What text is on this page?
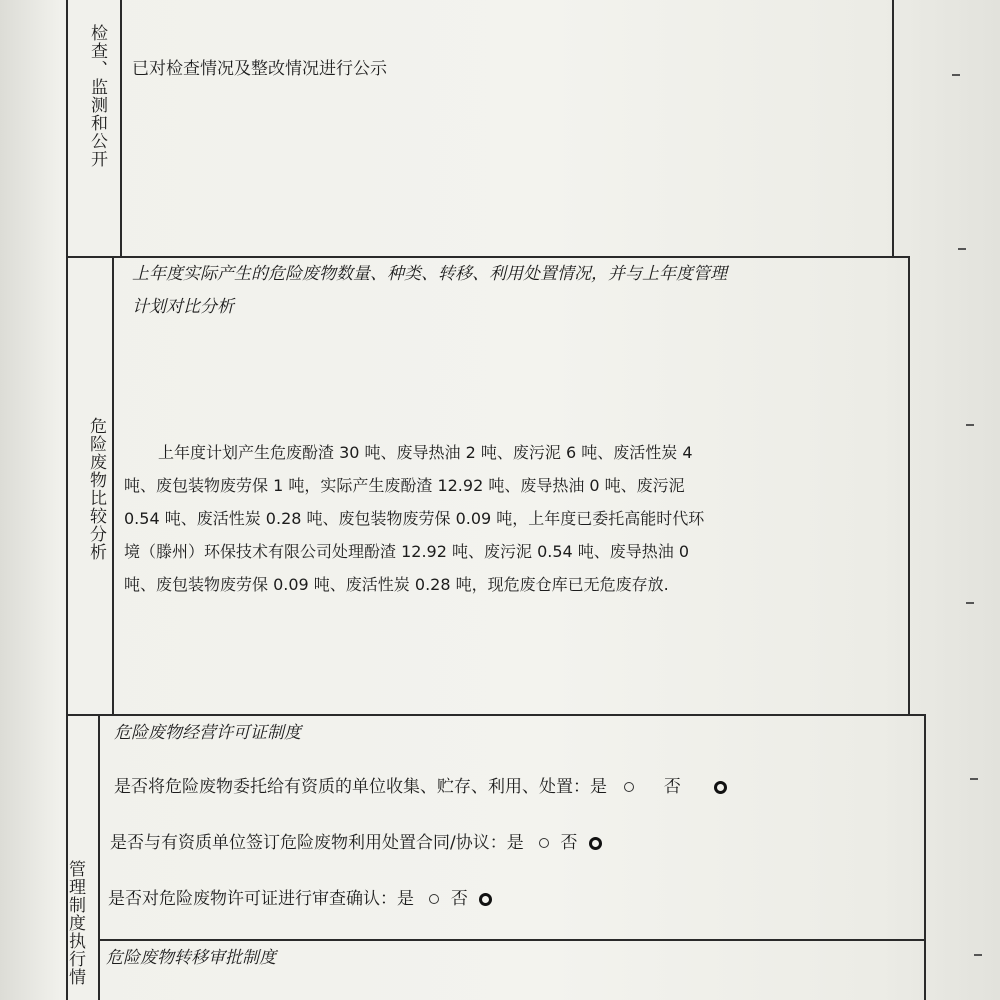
检查、监测和公开 已对检查情况及整改情况进行公示
危险废物比较分析
上年度实际产生的危险废物数量、种类、转移、利用处置情况，并与上年度管理
计划对比分析
上年度计划产生危废酚渣 30 吨、废导热油 2 吨、废污泥 6 吨、废活性炭 4
吨、废包装物废劳保 1 吨，实际产生废酚渣 12.92 吨、废导热油 0 吨、废污泥
0.54 吨、废活性炭 0.28 吨、废包装物废劳保 0.09 吨，上年度已委托高能时代环
境（滕州）环保技术有限公司处理酚渣 12.92 吨、废污泥 0.54 吨、废导热油 0
吨、废包装物废劳保 0.09 吨、废活性炭 0.28 吨，现危废仓库已无危废存放.
管理制度执行情
危险废物经营许可证制度
是否将危险废物委托给有资质的单位收集、贮存、利用、处置：是	否
是否与有资质单位签订危险废物利用处置合同/协议：是 否
是否对危险废物许可证进行审查确认：是 否
危险废物转移审批制度
